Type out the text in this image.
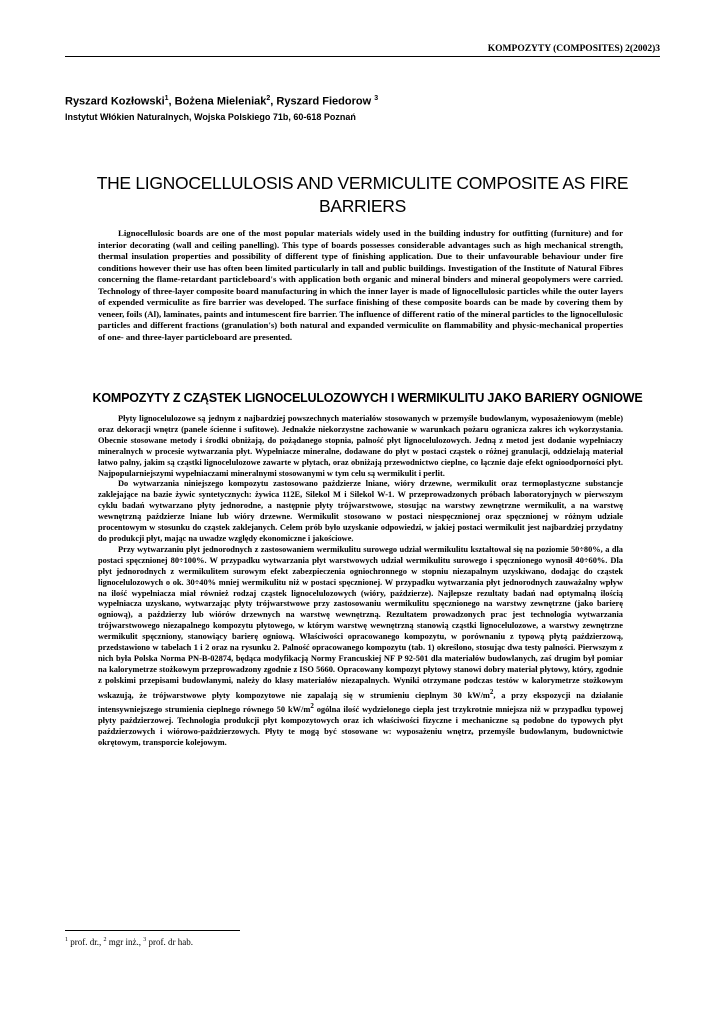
KOMPOZYTY (COMPOSITES) 2(2002)3
Ryszard Kozłowski$^1$, Bożena Mieleniak$^2$, Ryszard Fiedorow $^3$
Instytut Włókien Naturalnych, Wojska Polskiego 71b, 60-618 Poznań
THE LIGNOCELLULOSIS AND VERMICULITE COMPOSITE AS FIRE BARRIERS

Lignocellulosic boards are one of the most popular materials widely used in the building industry for outfitting (furniture) and for interior decorating (wall and ceiling panelling). This type of boards possesses considerable advantages such as high mechanical strength, thermal insulation properties and possibility of different type of finishing application. Due to their unfavourable behaviour under fire conditions however their use has often been limited particularly in tall and public buildings. Investigation of the Institute of Natural Fibres concerning the flame-retardant particleboard's with application both organic and mineral binders and mineral geopolymers were carried. Technology of three-layer composite board manufacturing in which the inner layer is made of lignocellulosic particles while the outer layers of expended vermiculite as fire barrier was developed. The surface finishing of these composite boards can be made by covering them by veneer, foils (Al), laminates, paints and intumescent fire barrier. The influence of different ratio of the mineral particles to the lignocellulosic particles and different fractions (granulation's) both natural and expanded vermiculite on flammability and physic-mechanical properties of one- and three-layer particleboard are presented.

KOMPOZYTY Z CZĄSTEK LIGNOCELULOZOWYCH I WERMIKULITU JAKO BARIERY OGNIOWE

Płyty lignocelulozowe są jednym z najbardziej powszechnych materiałów stosowanych w przemyśle budowlanym, wyposażeniowym (meble) oraz dekoracji wnętrz (panele ścienne i sufitowe). Jednakże niekorzystne zachowanie w warunkach pożaru ogranicza zakres ich wykorzystania. Obecnie stosowane metody i środki obniżają, do pożądanego stopnia, palność płyt lignocelulozowych. Jedną z metod jest dodanie wypełniaczy mineralnych w procesie wytwarzania płyt. Wypełniacze mineralne, dodawane do płyt w postaci cząstek o różnej granulacji, oddzielają materiał łatwo palny, jakim są cząstki lignocelulozowe zawarte w płytach, oraz obniżają przewodnictwo cieplne, co łącznie daje efekt ognioodporności płyt. Najpopularniejszymi wypełniaczami mineralnymi stosowanymi w tym celu są wermikulit i perlit.

Do wytwarzania niniejszego kompozytu zastosowano paździerze lniane, wióry drzewne, wermikulit oraz termoplastyczne substancje zaklejające na bazie żywic syntetycznych: żywica 112E, Silekol M i Silekol W-1. W przeprowadzonych próbach laboratoryjnych w pierwszym cyklu badań wytwarzano płyty jednorodne, a następnie płyty trójwarstwowe, stosując na warstwy zewnętrzne wermikulit, a na warstwę wewnętrzną paździerze lniane lub wióry drzewne. Wermikulit stosowano w postaci niespęcznionej oraz spęcznionej w różnym udziale procentowym w stosunku do cząstek zaklejanych. Celem prób było uzyskanie odpowiedzi, w jakiej postaci wermikulit jest najbardziej przydatny do produkcji płyt, mając na uwadze względy ekonomiczne i jakościowe.

Przy wytwarzaniu płyt jednorodnych z zastosowaniem wermikulitu surowego udział wermikulitu kształtował się na poziomie 50÷80%, a dla postaci spęcznionej 80÷100%. W przypadku wytwarzania płyt warstwowych udział wermikulitu surowego i spęcznionego wynosił 40÷60%. Dla płyt jednorodnych z wermikulitem surowym efekt zabezpieczenia ogniochronnego w stopniu niezapalnym uzyskiwano, dodając do cząstek lignocelulozowych o ok. 30÷40% mniej wermikulitu niż w postaci spęcznionej. W przypadku wytwarzania płyt jednorodnych zauważalny wpływ na ilość wypełniacza miał również rodzaj cząstek lignocelulozowych (wióry, paździerze). Najlepsze rezultaty badań nad optymalną ilością wypełniacza uzyskano, wytwarzając płyty trójwarstwowe przy zastosowaniu wermikulitu spęcznionego na warstwy zewnętrzne (jako barierę ogniową), a paździerzy lub wiórów drzewnych na warstwę wewnętrzną. Rezultatem prowadzonych prac jest technologia wytwarzania trójwarstwowego niezapalnego kompozytu płytowego, w którym warstwę wewnętrzną stanowią cząstki lignocelulozowe, a warstwy zewnętrzne wermikulit spęczniony, stanowiący barierę ogniową. Właściwości opracowanego kompozytu, w porównaniu z typową płytą paździerzową, przedstawiono w tabelach 1 i 2 oraz na rysunku 2. Palność opracowanego kompozytu (tab. 1) określono, stosując dwa testy palności. Pierwszym z nich była Polska Norma PN-B-02874, będąca modyfikacją Normy Francuskiej NF P 92-501 dla materiałów budowlanych, zaś drugim był pomiar na kalorymetrze stożkowym przeprowadzony zgodnie z ISO 5660. Opracowany kompozyt płytowy stanowi dobry materiał płytowy, który, zgodnie z polskimi przepisami budowlanymi, należy do klasy materiałów niezapalnych. Wyniki otrzymane podczas testów w kalorymetrze stożkowym wskazują, że trójwarstwowe płyty kompozytowe nie zapalają się w strumieniu cieplnym 30 $kW/m^2$, a przy ekspozycji na działanie intensywniejszego strumienia cieplnego równego 50 $kW/m^2$ ogólna ilość wydzielonego ciepła jest trzykrotnie mniejsza niż w przypadku typowej płyty paździerzowej. Technologia produkcji płyt kompozytowych oraz ich właściwości fizyczne i mechaniczne są podobne do typowych płyt paździerzowych i wiórowo-paździerzowych. Płyty te mogą być stosowane w: wyposażeniu wnętrz, przemyśle budowlanym, budownictwie okrętowym, transporcie kolejowym.

$^1$ prof. dr., $^2$ mgr inż., $^3$ prof. dr hab.
